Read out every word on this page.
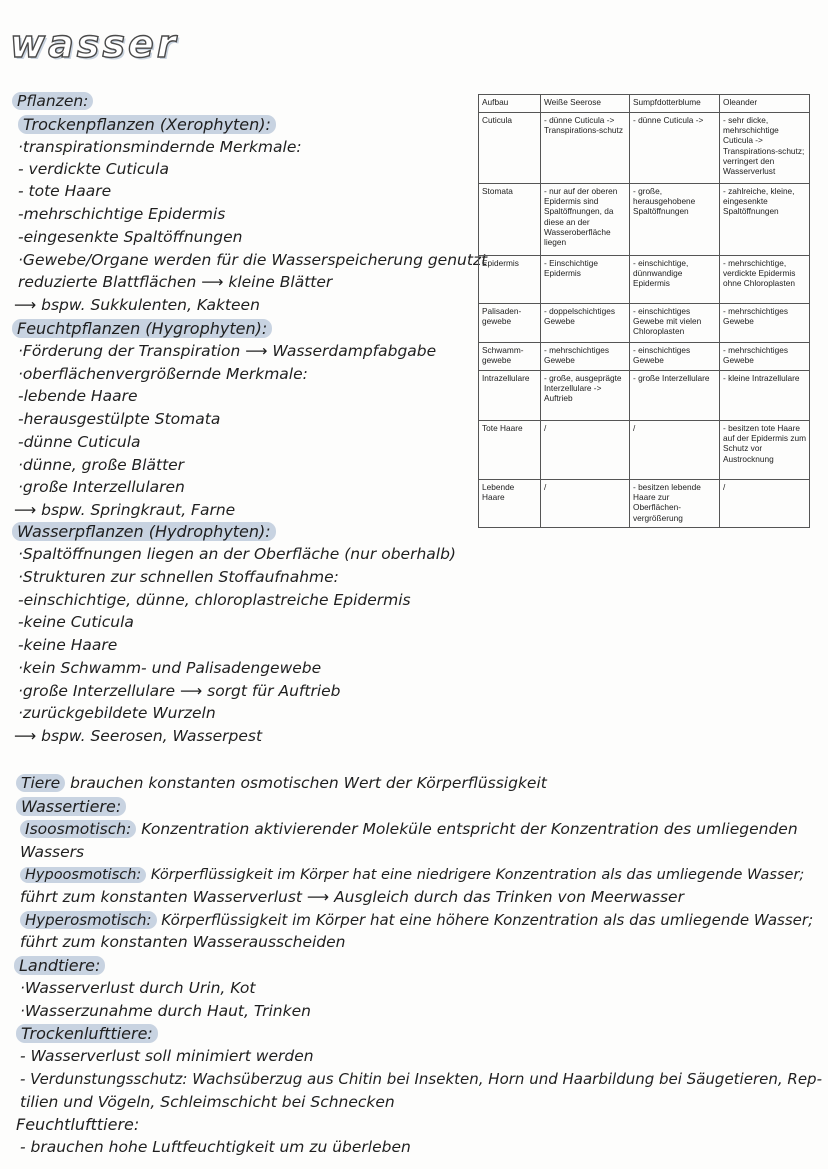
wasser
Pflanzen:
Trockenpflanzen (Xerophyten):
·transpirationsmindernde Merkmale:
- verdickte Cuticula
- tote Haare
-mehrschichtige Epidermis
-eingesenkte Spaltöffnungen
·Gewebe/Organe werden für die Wasserspeicherung genutzt
reduzierte Blattflächen ⟶ kleine Blätter
⟶ bspw. Sukkulenten, Kakteen
Feuchtpflanzen (Hygrophyten):
·Förderung der Transpiration ⟶ Wasserdampfabgabe
·oberflächenvergrößernde Merkmale:
-lebende Haare
-herausgestülpte Stomata
-dünne Cuticula
·dünne, große Blätter
·große Interzellularen
⟶ bspw. Springkraut, Farne
Wasserpflanzen (Hydrophyten):
·Spaltöffnungen liegen an der Oberfläche (nur oberhalb)
·Strukturen zur schnellen Stoffaufnahme:
-einschichtige, dünne, chloroplastreiche Epidermis
-keine Cuticula
-keine Haare
·kein Schwamm- und Palisadengewebe
·große Interzellulare ⟶ sorgt für Auftrieb
·zurückgebildete Wurzeln
⟶ bspw. Seerosen, Wasserpest
Aufbau	Weiße Seerose	Sumpfdotterblume	Oleander
Cuticula	- dünne Cuticula -> Transpirations-schutz	- dünne Cuticula ->	- sehr dicke, mehrschichtige Cuticula -> Transpirations-schutz; verringert den Wasserverlust
Stomata	- nur auf der oberen Epidermis sind Spaltöffnungen, da diese an der Wasseroberfläche liegen	- große, herausgehobene Spaltöffnungen	- zahlreiche, kleine, eingesenkte Spaltöffnungen
Epidermis	- Einschichtige Epidermis	- einschichtige, dünnwandige Epidermis	- mehrschichtige, verdickte Epidermis ohne Chloroplasten
Palisaden-gewebe	- doppelschichtiges Gewebe	- einschichtiges Gewebe mit vielen Chloroplasten	- mehrschichtiges Gewebe
Schwamm-gewebe	- mehrschichtiges Gewebe	- einschichtiges Gewebe	- mehrschichtiges Gewebe
Intrazellulare	- große, ausgeprägte Interzellulare -> Auftrieb	- große Interzellulare	- kleine Intrazellulare
Tote Haare	/	/	- besitzen tote Haare auf der Epidermis zum Schutz vor Austrocknung
Lebende Haare	/	- besitzen lebende Haare zur Oberflächen-vergrößerung	/
Tiere brauchen konstanten osmotischen Wert der Körperflüssigkeit
Wassertiere:
Isoosmotisch: Konzentration aktivierender Moleküle entspricht der Konzentration des umliegenden
Wassers
Hypoosmotisch: Körperflüssigkeit im Körper hat eine niedrigere Konzentration als das umliegende Wasser;
führt zum konstanten Wasserverlust ⟶ Ausgleich durch das Trinken von Meerwasser
Hyperosmotisch: Körperflüssigkeit im Körper hat eine höhere Konzentration als das umliegende Wasser;
führt zum konstanten Wasserausscheiden
Landtiere:
·Wasserverlust durch Urin, Kot
·Wasserzunahme durch Haut, Trinken
Trockenlufttiere:
- Wasserverlust soll minimiert werden
- Verdunstungsschutz: Wachsüberzug aus Chitin bei Insekten, Horn und Haarbildung bei Säugetieren, Rep-
tilien und Vögeln, Schleimschicht bei Schnecken
Feuchtlufttiere:
- brauchen hohe Luftfeuchtigkeit um zu überleben
